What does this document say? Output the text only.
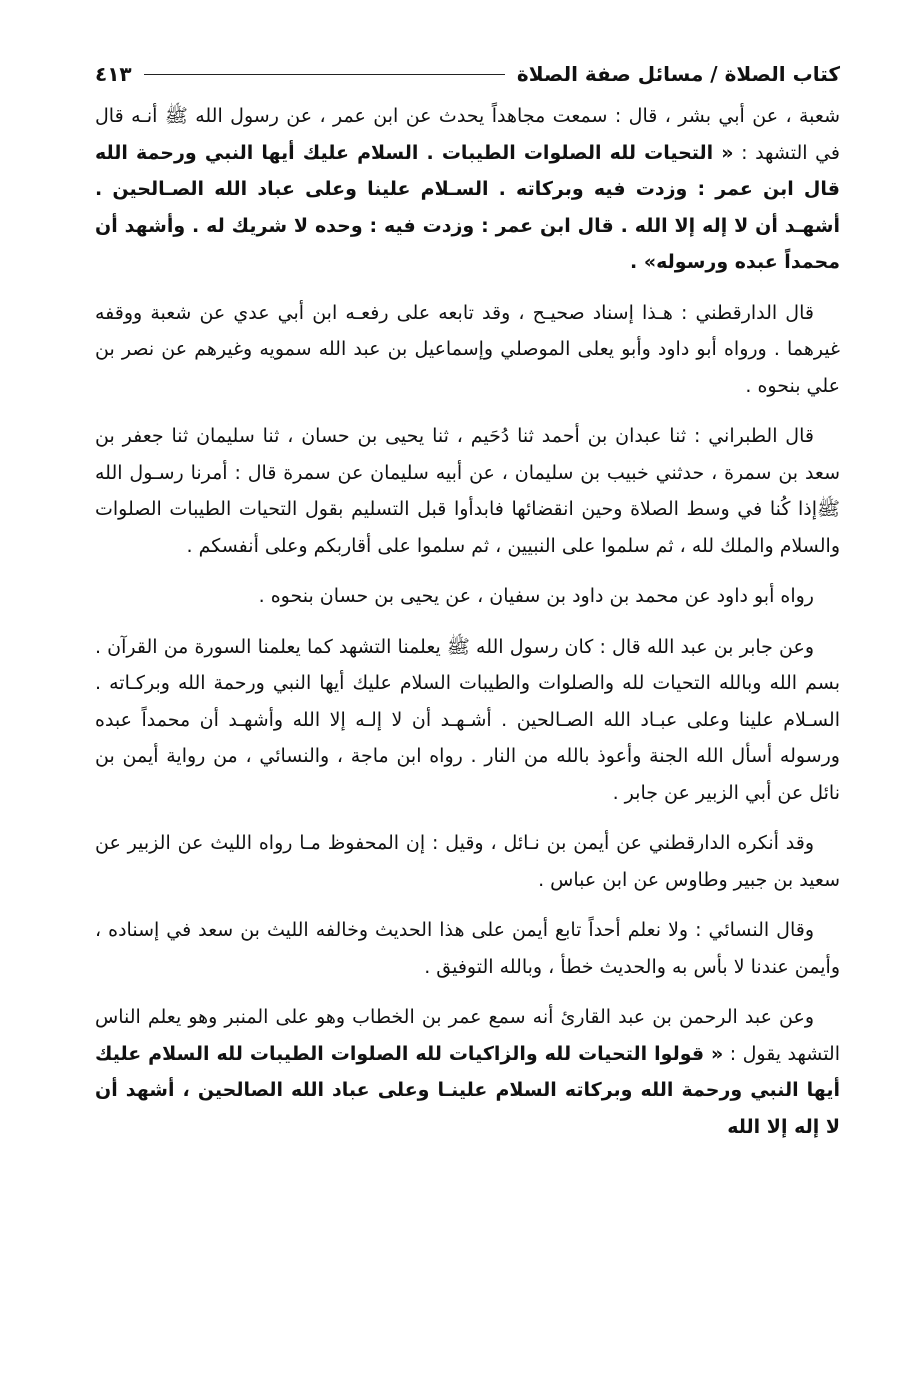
كتاب الصلاة / مسائل صفة الصلاة
٤١٣

شعبة ، عن أبي بشر ، قال : سمعت مجاهداً يحدث عن ابن عمر ، عن رسول الله ﷺ أنـه قال في التشهد : « التحيات لله الصلوات الطيبات . السلام عليك أيها النبي ورحمة الله قال ابن عمر : وزدت فيه وبركاته . السـلام علينا وعلى عباد الله الصـالحين . أشهـد أن لا إله إلا الله . قال ابن عمر : وزدت فيه : وحده لا شريك له . وأشهد أن محمداً عبده ورسوله» .

قال الدارقطني : هـذا إسناد صحيـح ، وقد تابعه على رفعـه ابن أبي عدي عن شعبة ووقفه غيرهما . ورواه أبو داود وأبو يعلى الموصلي وإسماعيل بن عبد الله سمويه وغيرهم عن نصر بن علي بنحوه .

قال الطبراني : ثنا عبدان بن أحمد ثنا دُحَيم ، ثنا يحيى بن حسان ، ثنا سليمان ثنا جعفر بن سعد بن سمرة ، حدثني خبيب بن سليمان ، عن أبيه سليمان عن سمرة قال : أمرنا رسـول الله ﷺإذا كُنا في وسط الصلاة وحين انقضائها فابدأوا قبل التسليم بقول التحيات الطيبات الصلوات والسلام والملك لله ، ثم سلموا على النبيين ، ثم سلموا على أقاربكم وعلى أنفسكم .

رواه أبو داود عن محمد بن داود بن سفيان ، عن يحيى بن حسان بنحوه .

وعن جابر بن عبد الله قال : كان رسول الله ﷺ يعلمنا التشهد كما يعلمنا السورة من القرآن . بسم الله وبالله التحيات لله والصلوات والطيبات السلام عليك أيها النبي ورحمة الله وبركـاته . السـلام علينا وعلى عبـاد الله الصـالحين . أشـهـد أن لا إلـه إلا الله وأشهـد أن محمداً عبده ورسوله أسأل الله الجنة وأعوذ بالله من النار . رواه ابن ماجة ، والنسائي ، من رواية أيمن بن نائل عن أبي الزبير عن جابر .

وقد أنكره الدارقطني عن أيمن بن نـائل ، وقيل : إن المحفوظ مـا رواه الليث عن الزبير عن سعيد بن جبير وطاوس عن ابن عباس .

وقال النسائي : ولا نعلم أحداً تابع أيمن على هذا الحديث وخالفه الليث بن سعد في إسناده ، وأيمن عندنا لا بأس به والحديث خطأ ، وبالله التوفيق .

وعن عبد الرحمن بن عبد القارئ أنه سمع عمر بن الخطاب وهو على المنبر وهو يعلم الناس التشهد يقول : « قولوا التحيات لله والزاكيات لله الصلوات الطيبات لله السلام عليك أيها النبي ورحمة الله وبركاته السلام علينـا وعلى عباد الله الصالحين ، أشهد أن لا إله إلا الله
